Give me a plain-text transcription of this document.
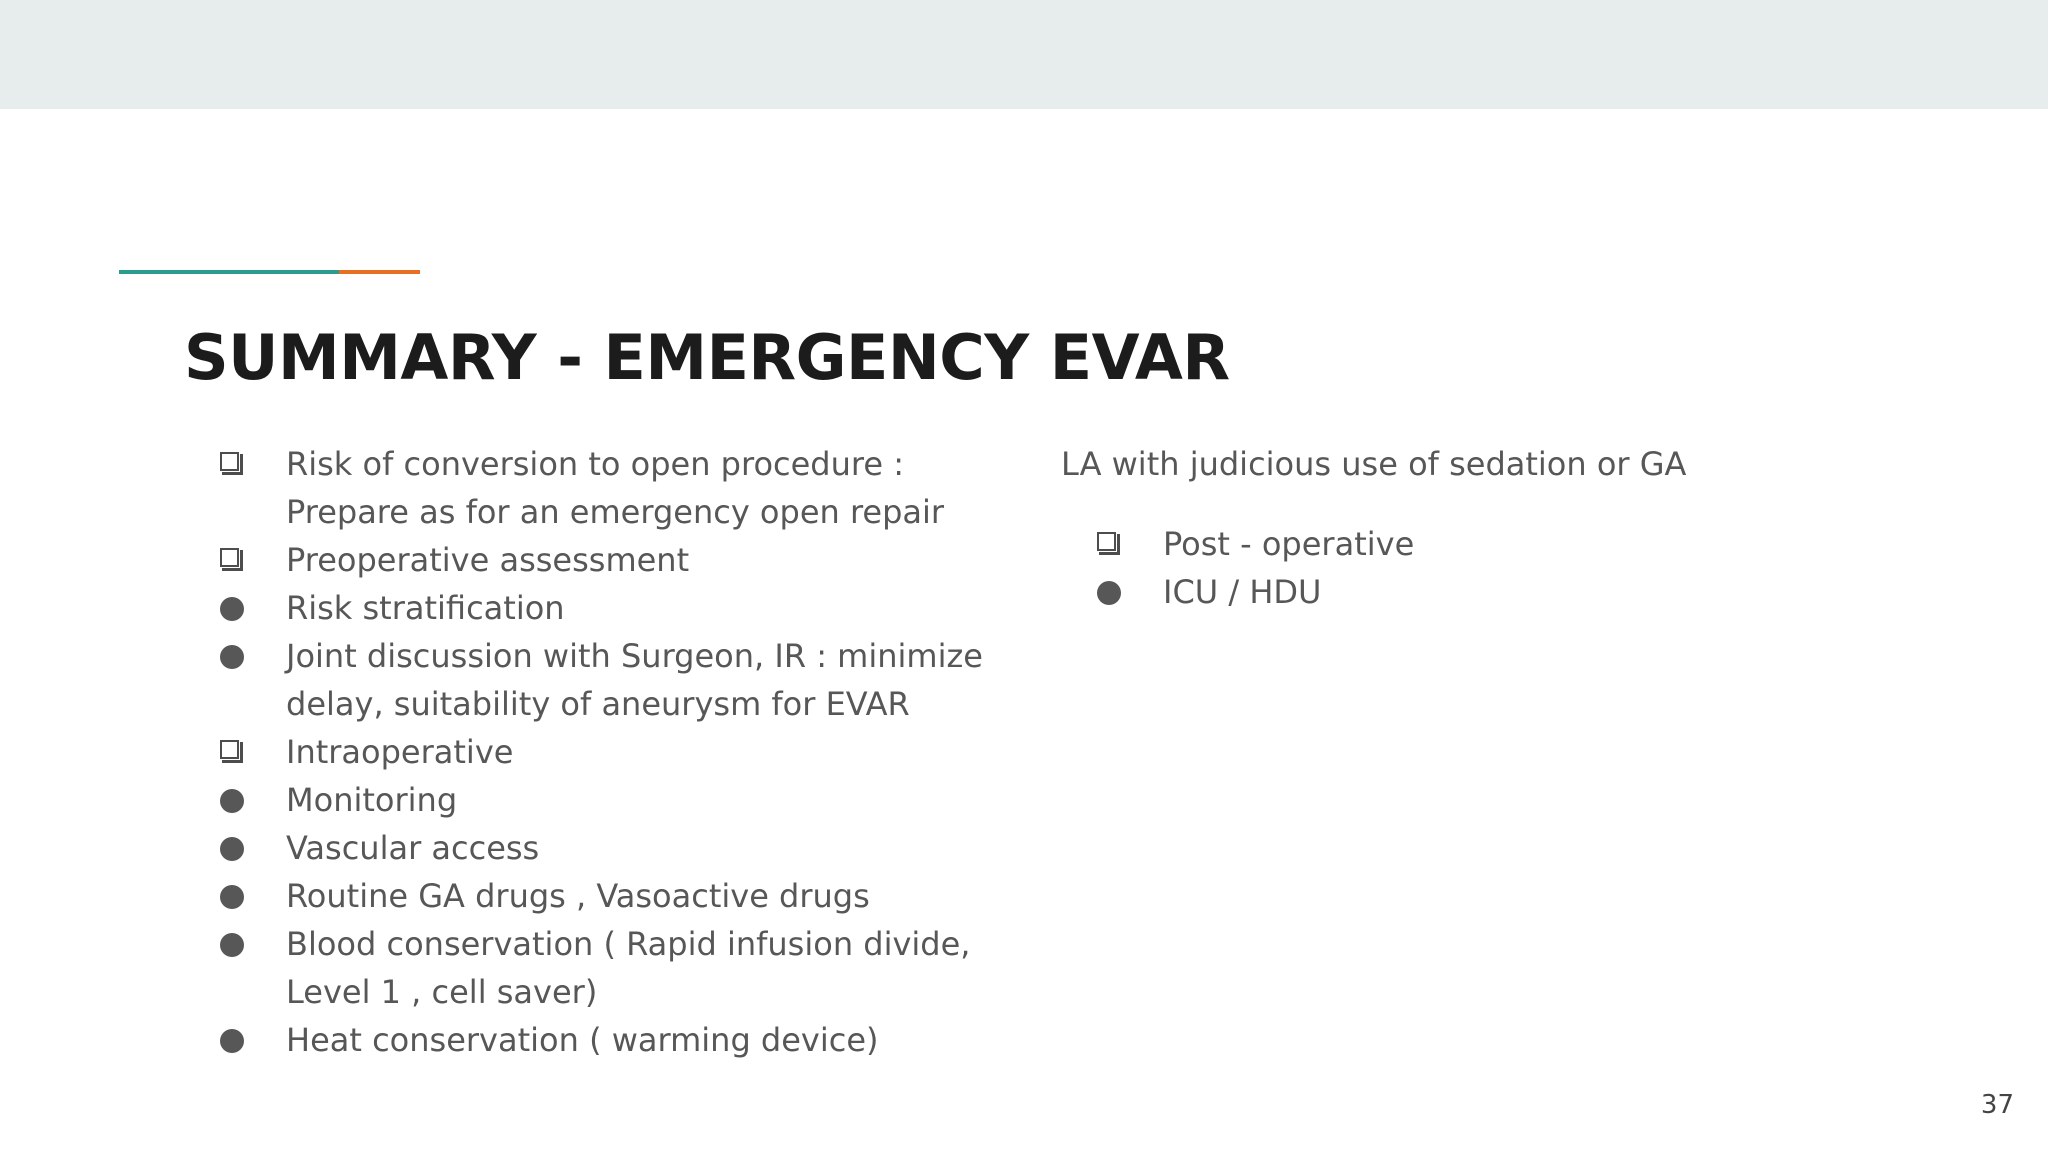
SUMMARY - EMERGENCY EVAR
Risk of conversion to open procedure : Prepare as for an emergency open repair
Preoperative assessment
Risk stratification
Joint discussion with Surgeon, IR : minimize delay, suitability of aneurysm for EVAR
Intraoperative
Monitoring
Vascular access
Routine GA drugs , Vasoactive drugs
Blood conservation ( Rapid infusion divide, Level 1 , cell saver)
Heat conservation ( warming device)

LA with judicious use of sedation or GA

Post - operative
ICU / HDU
37
